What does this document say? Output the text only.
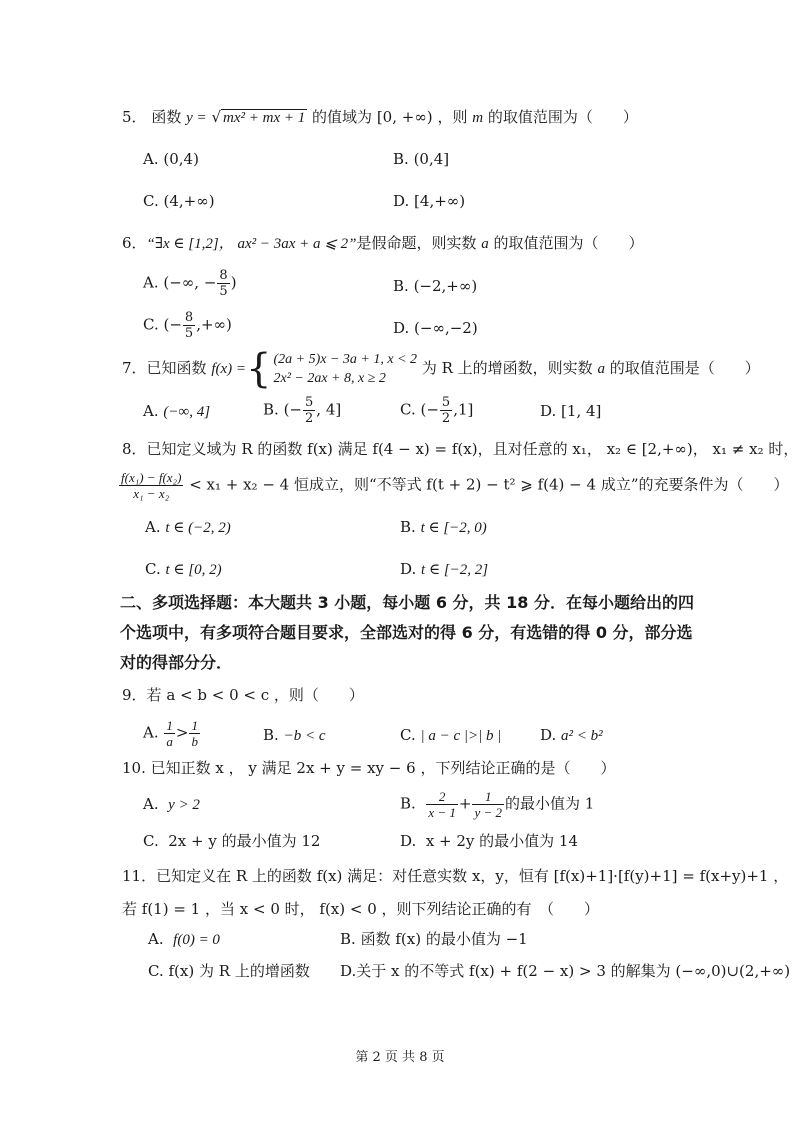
5． 函数 y = √ mx² + mx + 1 的值域为 [0, +∞) ，则 m 的取值范围为（　　）
A. (0,4)	B. (0,4]
C. (4,+∞)	D. [4,+∞)
6．“∃x ∈ [1,2]， ax² − 3ax + a ⩽ 2”是假命题，则实数 a 的取值范围为（　　）
A. (−∞, − $\frac{8}{5}$ )	B. (−2,+∞)
C. (− $\frac{8}{5}$ ,+∞)	D. (−∞,−2)
7．已知函数 f(x) ={ (2a + 5)x − 3a + 1, x < 2
2x² − 2ax + 8, x ≥ 2 为 R 上的增函数，则实数 a 的取值范围是（　　）
A. (−∞, 4]	B. (− $\frac{5}{2}$ , 4]	C. (− $\frac{5}{2} ,1$]	D. [1, 4]
8．已知定义域为 R 的函数 f(x) 满足 f(4 − x) = f(x)，且对任意的 x₁， x₂ ∈ [2,+∞)， x₁ ≠ x₂ 时，
$\frac{\text{f(x₁) − f(x₂)}}{\text{x₁ − x₂}} < x_1 + x_2 - 4$ 恒成立，则“不等式 f(t + 2) − t² ⩾ f(4) − 4 成立”的充要条件为（　　）
A. t ∈ (−2, 2)	B. t ∈ [−2, 0)
C. t ∈ [0, 2)	D. t ∈ [−2, 2]
二、多项选择题：本大题共 3 小题，每小题 6 分，共 18 分．在每小题给出的四个选项中，有多项符合题目要求，全部选对的得 6 分，有选错的得 0 分，部分选对的得部分分．
9．若 a < b < 0 < c ，则（　　）
A. $\frac{1}{a} > \frac{1}{b}$	B. −b < c	C. | a − c |>| b |	D. a² < b²
10. 已知正数 x ， y 满足 2x + y = xy − 6 ，下列结论正确的是（　　）
A. y > 2	B. $\frac{2}{x - 1} + \frac{1}{y - 2}$ 的最小值为 1
C. 2x + y 的最小值为 12	D. x + 2y 的最小值为 14
11．已知定义在 R 上的函数 f(x) 满足：对任意实数 x，y，恒有 [f(x)+1]·[f(y)+1] = f(x+y)+1 ，
若 f(1) = 1 ，当 x < 0 时， f(x) < 0 ，则下列结论正确的有　（　　）
A. f(0) = 0	B. 函数 f(x) 的最小值为 −1
C. f(x) 为 R 上的增函数 D.关于 x 的不等式 f(x) + f(2 − x) > 3 的解集为 (−∞,0)∪(2,+∞)
第 2 页 共 8 页
